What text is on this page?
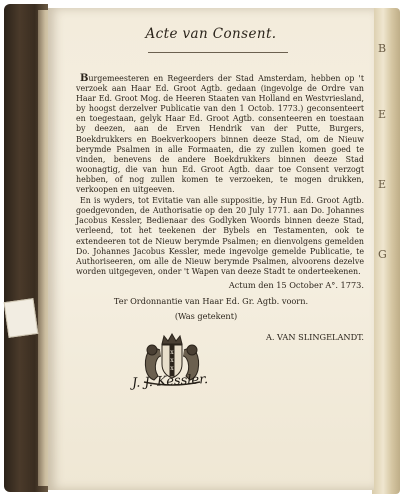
B
E
E
G
Acte van Consent.

Burgemeesteren en Regeerders der Stad Amsterdam, hebben op 't verzoek aan Haar Ed. Groot Agtb. gedaan (ingevolge de Ordre van Haar Ed. Groot Mog. de Heeren Staaten van Holland en Westvriesland, by hoogst derzelver Publicatie van den 1 Octob. 1773.) geconsenteert en toegestaan, gelyk Haar Ed. Groot Agtb. consenteeren en toestaan by deezen, aan de Erven Hendrik van der Putte, Burgers, Boekdrukkers en Boekverkoopers binnen deeze Stad, om de Nieuw berymde Psalmen in alle Formaaten, die zy zullen komen goed te vinden, benevens de andere Boekdrukkers binnen deeze Stad woonagtig, die van hun Ed. Groot Agtb. daar toe Consent verzogt hebben, of nog zullen komen te verzoeken, te mogen drukken, verkoopen en uitgeeven.

En is wyders, tot Evitatie van alle suppositie, by Hun Ed. Groot Agtb. goedgevonden, de Authorisatie op den 20 July 1771. aan Do. Johannes Jacobus Kessler, Bedienaar des Godlyken Woords binnen deeze Stad, verleend, tot het teekenen der Bybels en Testamenten, ook te extendeeren tot de Nieuw berymde Psalmen; en dienvolgens gemelden Do. Johannes Jacobus Kessler, mede ingevolge gemelde Publicatie, te Authoriseeren, om alle de Nieuw berymde Psalmen, alvoorens dezelve worden uitgegeven, onder 't Wapen van deeze Stadt te onderteekenen.

Actum den 15 October A°. 1773.
Ter Ordonnantie van Haar Ed. Gr. Agtb. voorn.
(Was getekent)
A. VAN SLINGELANDT.
x
x
x
J. J. Kessler.
